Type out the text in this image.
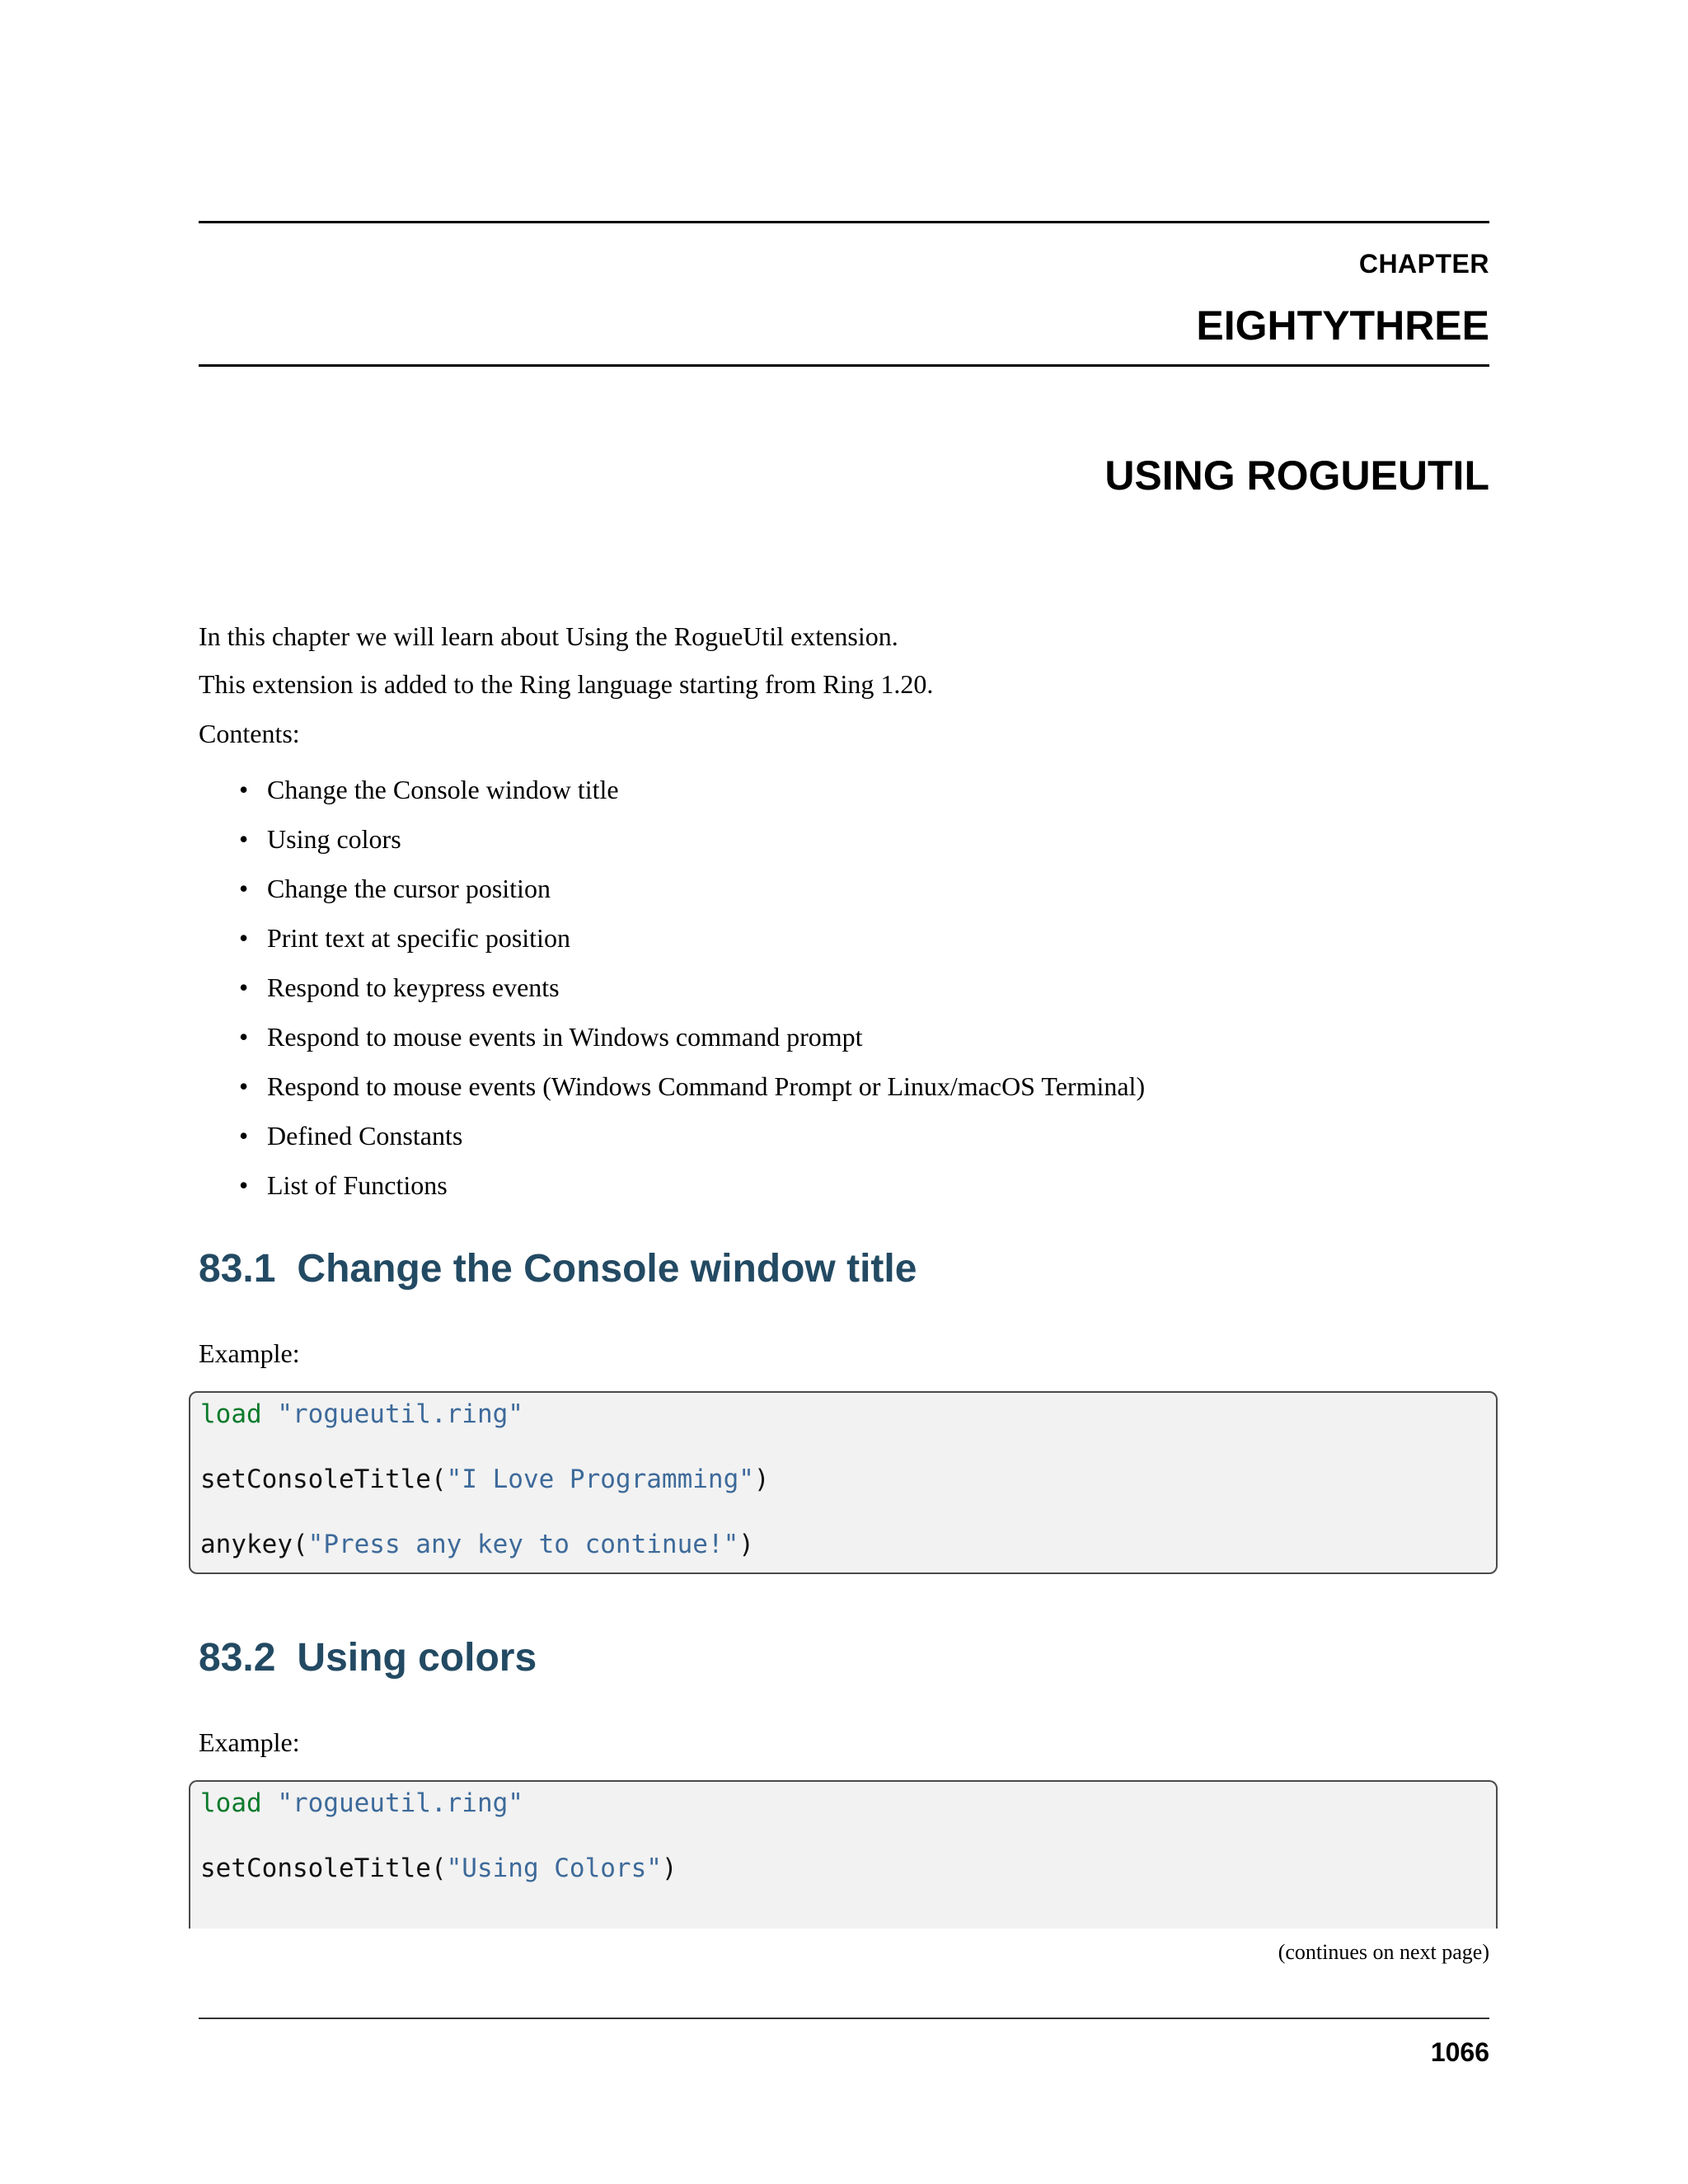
CHAPTER
EIGHTYTHREE
USING ROGUEUTIL
In this chapter we will learn about Using the RogueUtil extension.
This extension is added to the Ring language starting from Ring 1.20.
Contents:
• Change the Console window title
• Using colors
• Change the cursor position
• Print text at specific position
• Respond to keypress events
• Respond to mouse events in Windows command prompt
• Respond to mouse events (Windows Command Prompt or Linux/macOS Terminal)
• Defined Constants
• List of Functions
83.1 Change the Console window title
Example:
load "rogueutil.ring"
setConsoleTitle("I Love Programming")
anykey("Press any key to continue!")
83.2 Using colors
Example:
load "rogueutil.ring"
setConsoleTitle("Using Colors")
(continues on next page)
1066
